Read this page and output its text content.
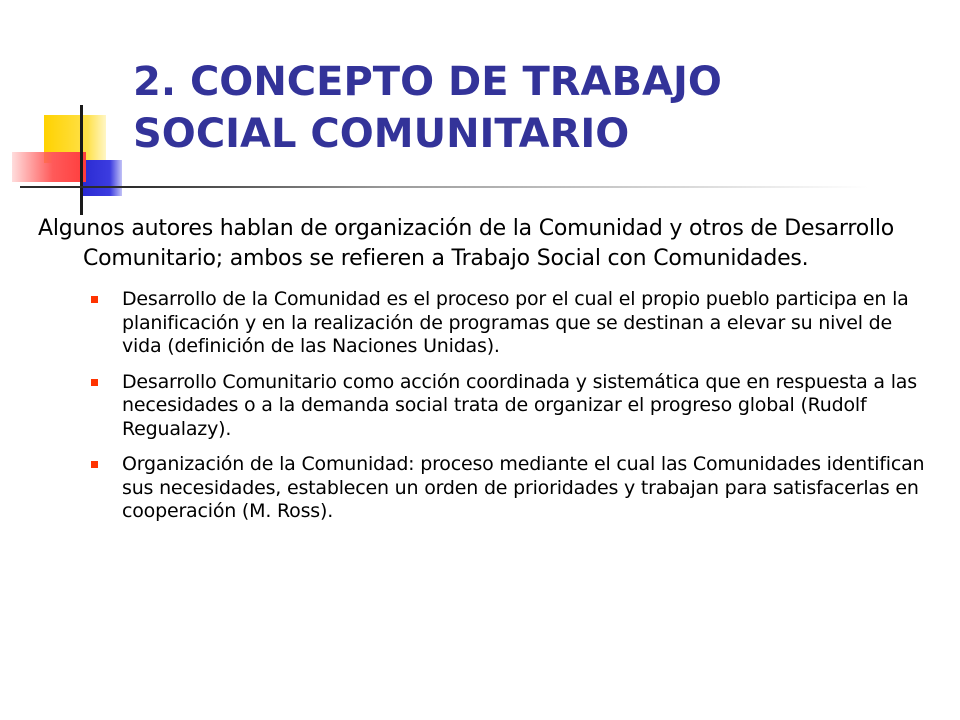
2. CONCEPTO DE TRABAJO
SOCIAL COMUNITARIO

Algunos autores hablan de organización de la Comunidad y otros de Desarrollo Comunitario; ambos se refieren a Trabajo Social con Comunidades.

Desarrollo de la Comunidad es el proceso por el cual el propio pueblo participa en la planificación y en la realización de programas que se destinan a elevar su nivel de vida (definición de las Naciones Unidas).
Desarrollo Comunitario como acción coordinada y sistemática que en respuesta a las necesidades o a la demanda social trata de organizar el progreso global (Rudolf Regualazy).
Organización de la Comunidad: proceso mediante el cual las Comunidades identifican sus necesidades, establecen un orden de prioridades y trabajan para satisfacerlas en cooperación (M. Ross).
